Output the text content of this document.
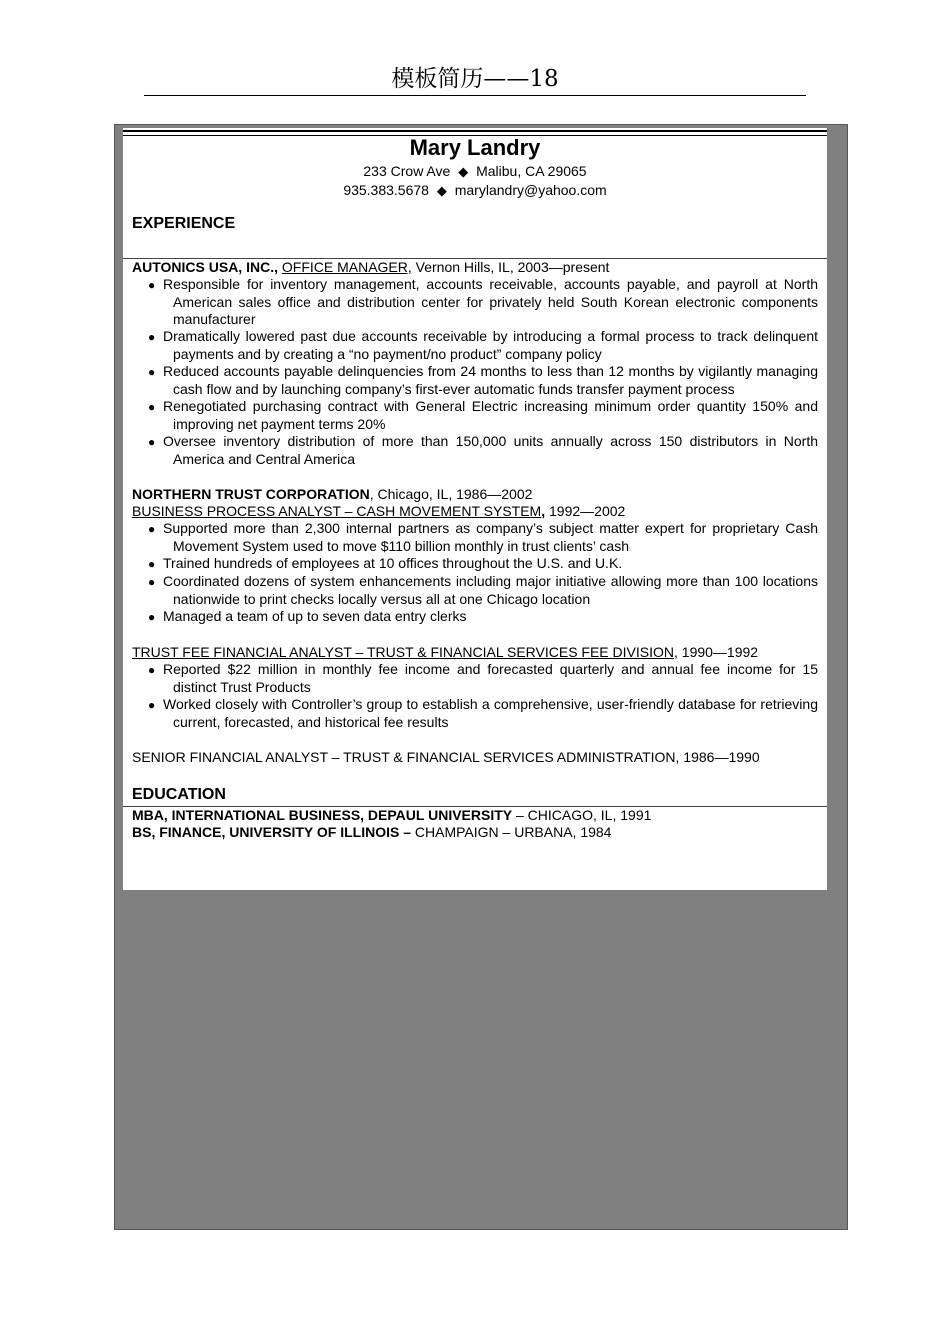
模板简历——18
Mary Landry
233 Crow Ave ◆ Malibu, CA 29065
935.383.5678 ◆ marylandry@yahoo.com
EXPERIENCE

AUTONICS USA, INC., OFFICE MANAGER, Vernon Hills, IL, 2003—present

● Responsible for inventory management, accounts receivable, accounts payable, and payroll at North American sales office and distribution center for privately held South Korean electronic components manufacturer
● Dramatically lowered past due accounts receivable by introducing a formal process to track delinquent payments and by creating a “no payment/no product” company policy
● Reduced accounts payable delinquencies from 24 months to less than 12 months by vigilantly managing cash flow and by launching company’s first-ever automatic funds transfer payment process
● Renegotiated purchasing contract with General Electric increasing minimum order quantity 150% and improving net payment terms 20%
● Oversee inventory distribution of more than 150,000 units annually across 150 distributors in North America and Central America

NORTHERN TRUST CORPORATION, Chicago, IL, 1986—2002

BUSINESS PROCESS ANALYST – CASH MOVEMENT SYSTEM, 1992—2002

● Supported more than 2,300 internal partners as company’s subject matter expert for proprietary Cash Movement System used to move $110 billion monthly in trust clients’ cash
● Trained hundreds of employees at 10 offices throughout the U.S. and U.K.
● Coordinated dozens of system enhancements including major initiative allowing more than 100 locations nationwide to print checks locally versus all at one Chicago location
● Managed a team of up to seven data entry clerks

TRUST FEE FINANCIAL ANALYST – TRUST & FINANCIAL SERVICES FEE DIVISION, 1990—1992

● Reported $22 million in monthly fee income and forecasted quarterly and annual fee income for 15 distinct Trust Products
● Worked closely with Controller’s group to establish a comprehensive, user-friendly database for retrieving current, forecasted, and historical fee results

SENIOR FINANCIAL ANALYST – TRUST & FINANCIAL SERVICES ADMINISTRATION, 1986—1990

EDUCATION

MBA, INTERNATIONAL BUSINESS, DEPAUL UNIVERSITY – CHICAGO, IL, 1991

BS, FINANCE, UNIVERSITY OF ILLINOIS – CHAMPAIGN – URBANA, 1984
